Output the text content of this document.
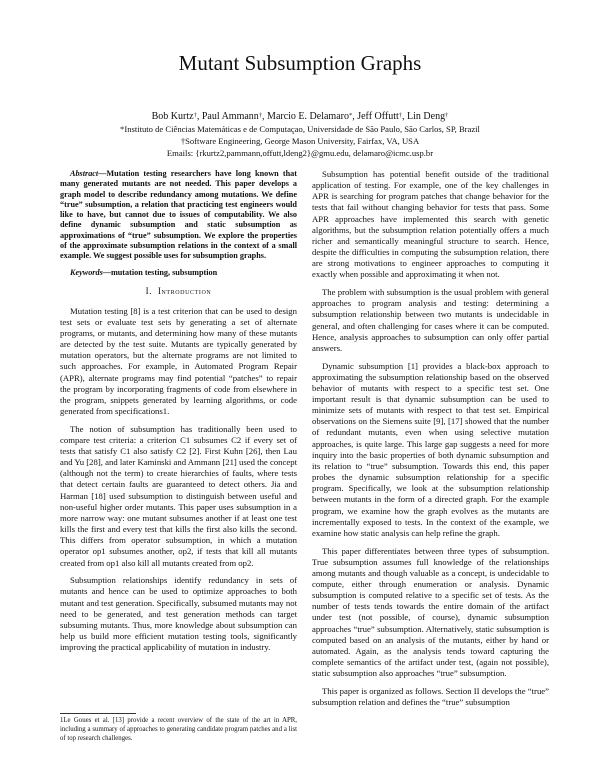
Mutant Subsumption Graphs
Bob Kurtz†, Paul Ammann†, Marcio E. Delamaro*, Jeff Offutt†, Lin Deng†
*Instituto de Ciências Matemáticas e de Computaçao, Universidade de São Paulo, São Carlos, SP, Brazil
†Software Engineering, George Mason University, Fairfax, VA, USA
Emails: {rkurtz2,pammann,offutt,ldeng2}@gmu.edu, delamaro@icmc.usp.br

Abstract—Mutation testing researchers have long known that many generated mutants are not needed. This paper develops a graph model to describe redundancy among mutations. We define “true” subsumption, a relation that practicing test engineers would like to have, but cannot due to issues of computability. We also define dynamic subsumption and static subsumption as approximations of “true” subsumption. We explore the properties of the approximate subsumption relations in the context of a small example. We suggest possible uses for subsumption graphs.

Keywords—mutation testing, subsumption

I. Introduction

Mutation testing [8] is a test criterion that can be used to design test sets or evaluate test sets by generating a set of alternate programs, or mutants, and determining how many of these mutants are detected by the test suite. Mutants are typically generated by mutation operators, but the alternate programs are not limited to such approaches. For example, in Automated Program Repair (APR), alternate programs may find potential “patches” to repair the program by incorporating fragments of code from elsewhere in the program, snippets generated by learning algorithms, or code generated from specifications1.

The notion of subsumption has traditionally been used to compare test criteria: a criterion C1 subsumes C2 if every set of tests that satisfy C1 also satisfy C2 [2]. First Kuhn [26], then Lau and Yu [28], and later Kaminski and Ammann [21] used the concept (although not the term) to create hierarchies of faults, where tests that detect certain faults are guaranteed to detect others. Jia and Harman [18] used subsumption to distinguish between useful and non-useful higher order mutants. This paper uses subsumption in a more narrow way: one mutant subsumes another if at least one test kills the first and every test that kills the first also kills the second. This differs from operator subsumption, in which a mutation operator op1 subsumes another, op2, if tests that kill all mutants created from op1 also kill all mutants created from op2.

Subsumption relationships identify redundancy in sets of mutants and hence can be used to optimize approaches to both mutant and test generation. Specifically, subsumed mutants may not need to be generated, and test generation methods can target subsuming mutants. Thus, more knowledge about subsumption can help us build more efficient mutation testing tools, significantly improving the practical applicability of mutation in industry.

Subsumption has potential benefit outside of the traditional application of testing. For example, one of the key challenges in APR is searching for program patches that change behavior for the tests that fail without changing behavior for tests that pass. Some APR approaches have implemented this search with genetic algorithms, but the subsumption relation potentially offers a much richer and semantically meaningful structure to search. Hence, despite the difficulties in computing the subsumption relation, there are strong motivations to engineer approaches to computing it exactly when possible and approximating it when not.

The problem with subsumption is the usual problem with general approaches to program analysis and testing: determining a subsumption relationship between two mutants is undecidable in general, and often challenging for cases where it can be computed. Hence, analysis approaches to subsumption can only offer partial answers.

Dynamic subsumption [1] provides a black-box approach to approximating the subsumption relationship based on the observed behavior of mutants with respect to a specific test set. One important result is that dynamic subsumption can be used to minimize sets of mutants with respect to that test set. Empirical observations on the Siemens suite [9], [17] showed that the number of redundant mutants, even when using selective mutation approaches, is quite large. This large gap suggests a need for more inquiry into the basic properties of both dynamic subsumption and its relation to “true” subsumption. Towards this end, this paper probes the dynamic subsumption relationship for a specific program. Specifically, we look at the subsumption relationship between mutants in the form of a directed graph. For the example program, we examine how the graph evolves as the mutants are incrementally exposed to tests. In the context of the example, we examine how static analysis can help refine the graph.

This paper differentiates between three types of subsumption. True subsumption assumes full knowledge of the relationships among mutants and though valuable as a concept, is undecidable to compute, either through enumeration or analysis. Dynamic subsumption is computed relative to a specific set of tests. As the number of tests tends towards the entire domain of the artifact under test (not possible, of course), dynamic subsumption approaches “true” subsumption. Alternatively, static subsumption is computed based on an analysis of the mutants, either by hand or automated. Again, as the analysis tends toward capturing the complete semantics of the artifact under test, (again not possible), static subsumption also approaches “true” subsumption.

This paper is organized as follows. Section II develops the “true” subsumption relation and defines the “true” subsumption

1Le Goues et al. [13] provide a recent overview of the state of the art in APR, including a summary of approaches to generating candidate program patches and a list of top research challenges.
